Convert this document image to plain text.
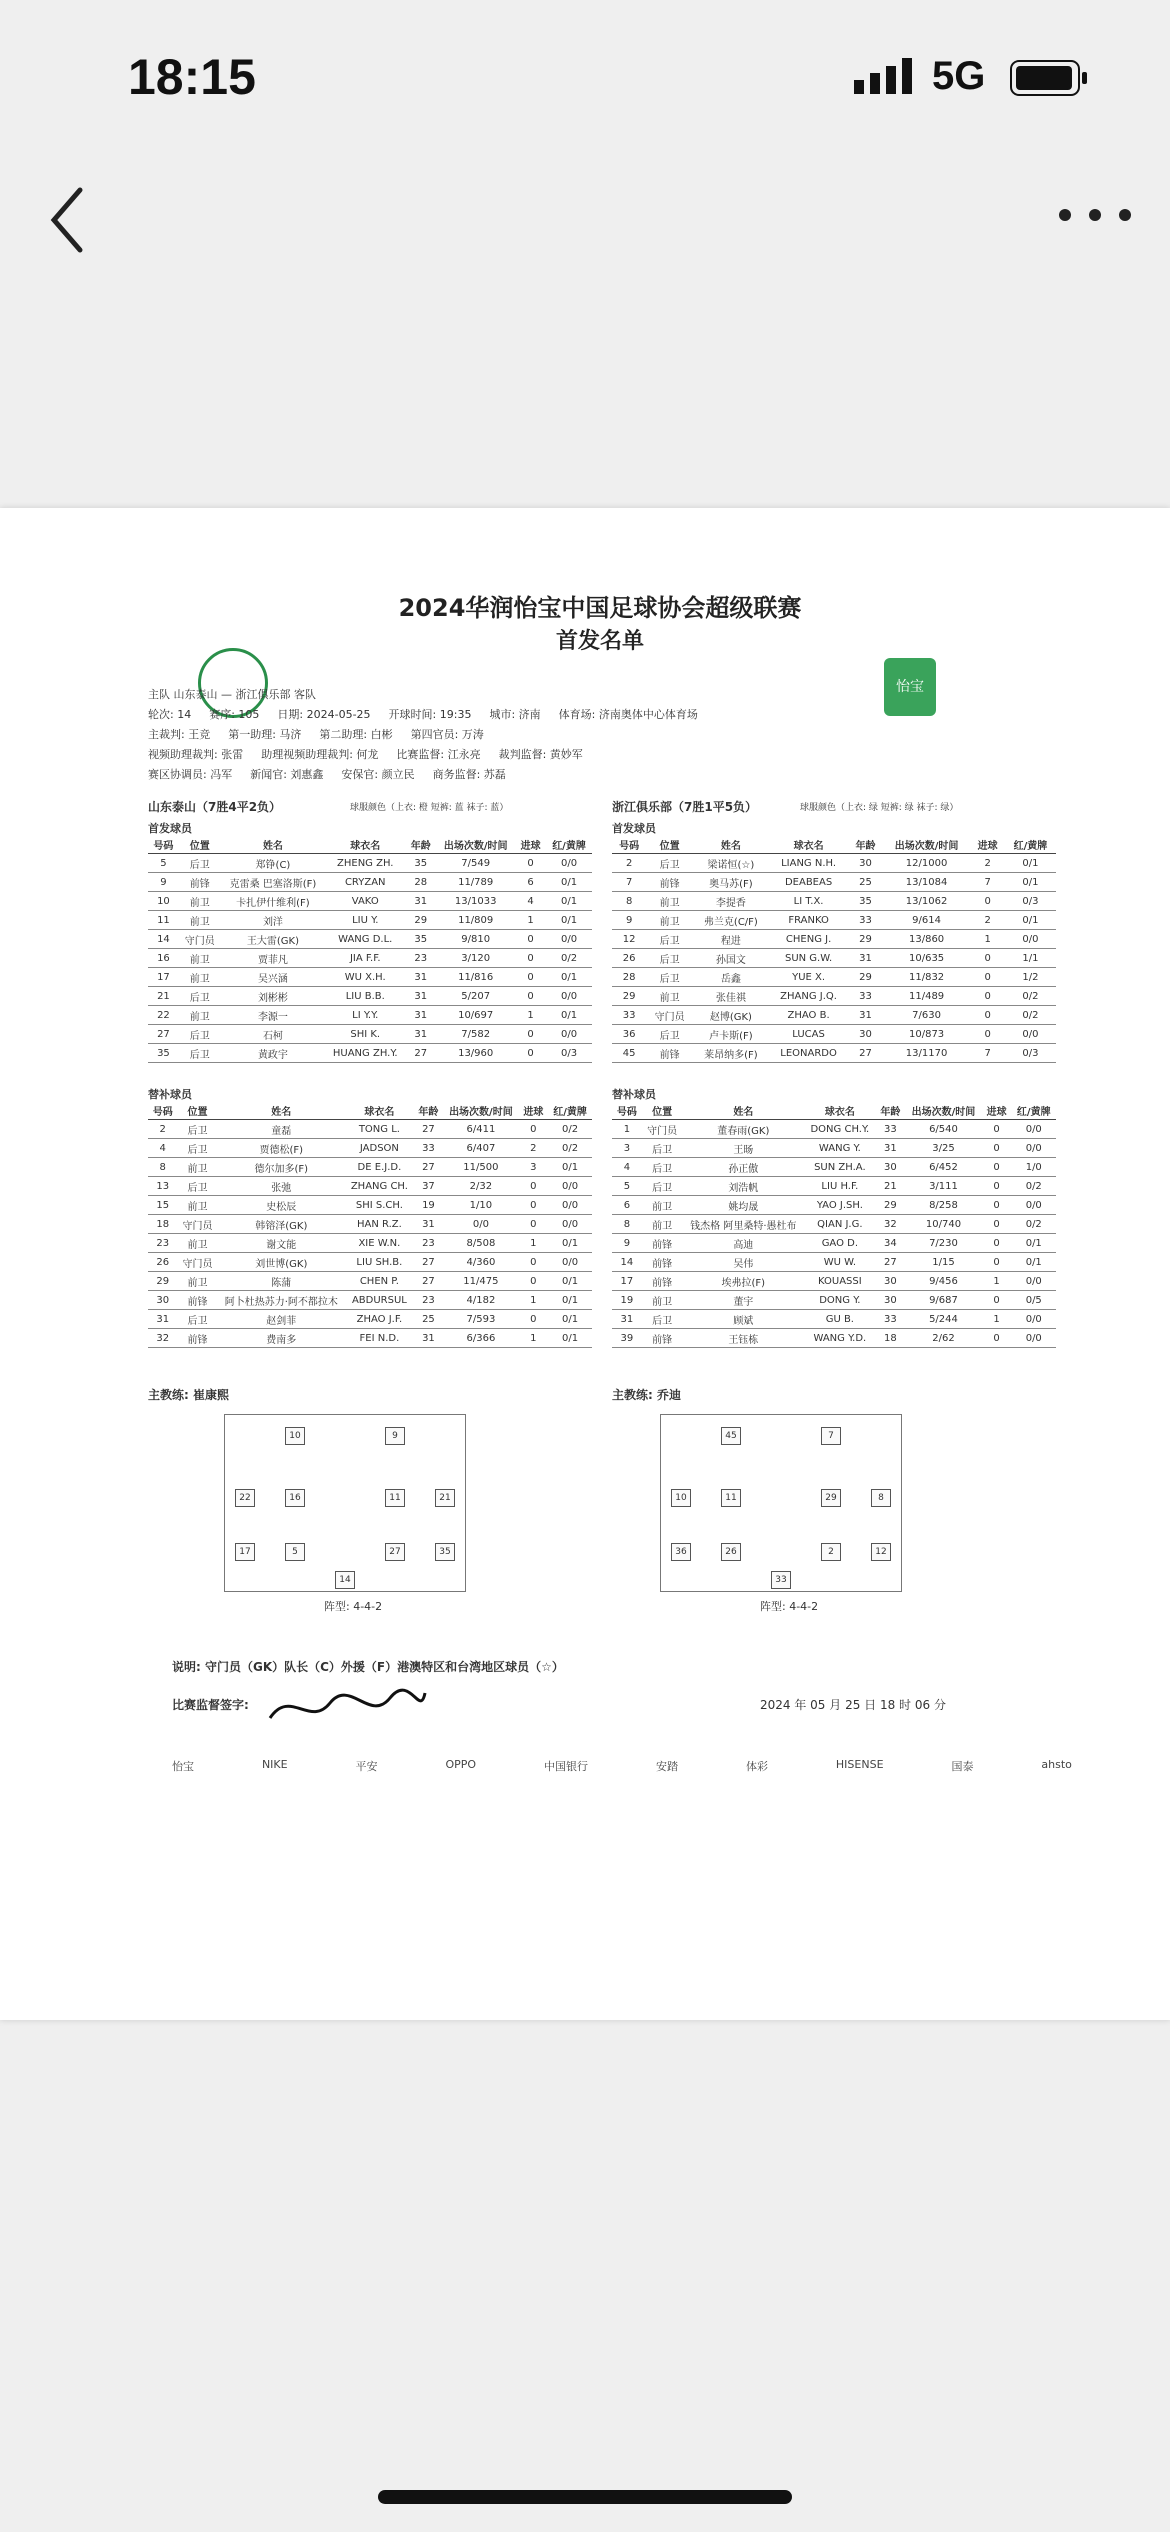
18:15	5G
怡宝
2024华润怡宝中国足球协会超级联赛
首发名单
主队 山东泰山 — 浙江俱乐部 客队
轮次: 14 赛序: 105 日期: 2024-05-25 开球时间: 19:35 城市: 济南 体育场: 济南奥体中心体育场
主裁判: 王竞 第一助理: 马济 第二助理: 白彬 第四官员: 万涛
视频助理裁判: 张雷 助理视频助理裁判: 何龙 比赛监督: 江永亮 裁判监督: 黄妙军
赛区协调员: 冯军 新闻官: 刘惠鑫 安保官: 颜立民 商务监督: 苏磊
山东泰山（7胜4平2负）	球服颜色（上衣: 橙 短裤: 蓝 袜子: 蓝）	浙江俱乐部（7胜1平5负）	球服颜色（上衣: 绿 短裤: 绿 袜子: 绿）
首发球员	首发球员
号码	位置	姓名	球衣名	年龄	出场次数/时间	进球	红/黄牌
5	后卫	郑铮(C)	ZHENG ZH.	35	7/549	0	0/0
9	前锋	克雷桑 巴塞洛斯(F)	CRYZAN	28	11/789	6	0/1
10	前卫	卡扎伊什维利(F)	VAKO	31	13/1033	4	0/1
11	前卫	刘洋	LIU Y.	29	11/809	1	0/1
14	守门员	王大雷(GK)	WANG D.L.	35	9/810	0	0/0
16	前卫	贾菲凡	JIA F.F.	23	3/120	0	0/2
17	前卫	吴兴涵	WU X.H.	31	11/816	0	0/1
21	后卫	刘彬彬	LIU B.B.	31	5/207	0	0/0
22	前卫	李源一	LI Y.Y.	31	10/697	1	0/1
27	后卫	石柯	SHI K.	31	7/582	0	0/0
35	后卫	黄政宇	HUANG ZH.Y.	27	13/960	0	0/3
号码	位置	姓名	球衣名	年龄	出场次数/时间	进球	红/黄牌
2	后卫	梁诺恒(☆)	LIANG N.H.	30	12/1000	2	0/1
7	前锋	奥马苏(F)	DEABEAS	25	13/1084	7	0/1
8	前卫	李提香	LI T.X.	35	13/1062	0	0/3
9	前卫	弗兰克(C/F)	FRANKO	33	9/614	2	0/1
12	后卫	程进	CHENG J.	29	13/860	1	0/0
26	后卫	孙国文	SUN G.W.	31	10/635	0	1/1
28	后卫	岳鑫	YUE X.	29	11/832	0	1/2
29	前卫	张佳祺	ZHANG J.Q.	33	11/489	0	0/2
33	守门员	赵博(GK)	ZHAO B.	31	7/630	0	0/2
36	后卫	卢卡斯(F)	LUCAS	30	10/873	0	0/0
45	前锋	莱昂纳多(F)	LEONARDO	27	13/1170	7	0/3
替补球员	替补球员
号码	位置	姓名	球衣名	年龄	出场次数/时间	进球	红/黄牌
2	后卫	童磊	TONG L.	27	6/411	0	0/2
4	后卫	贾德松(F)	JADSON	33	6/407	2	0/2
8	前卫	德尔加多(F)	DE E.J.D.	27	11/500	3	0/1
13	后卫	张弛	ZHANG CH.	37	2/32	0	0/0
15	前卫	史松辰	SHI S.CH.	19	1/10	0	0/0
18	守门员	韩镕泽(GK)	HAN R.Z.	31	0/0	0	0/0
23	前卫	谢文能	XIE W.N.	23	8/508	1	0/1
26	守门员	刘世博(GK)	LIU SH.B.	27	4/360	0	0/0
29	前卫	陈蒲	CHEN P.	27	11/475	0	0/1
30	前锋	阿卜杜热苏力·阿不都拉木	ABDURSUL	23	4/182	1	0/1
31	后卫	赵剑菲	ZHAO J.F.	25	7/593	0	0/1
32	前锋	费南多	FEI N.D.	31	6/366	1	0/1
号码	位置	姓名	球衣名	年龄	出场次数/时间	进球	红/黄牌
1	守门员	董春雨(GK)	DONG CH.Y.	33	6/540	0	0/0
3	后卫	王旸	WANG Y.	31	3/25	0	0/0
4	后卫	孙正傲	SUN ZH.A.	30	6/452	0	1/0
5	后卫	刘浩帆	LIU H.F.	21	3/111	0	0/2
6	前卫	姚均晟	YAO J.SH.	29	8/258	0	0/0
8	前卫	钱杰格 阿里桑特·愚杜布	QIAN J.G.	32	10/740	0	0/2
9	前锋	高迪	GAO D.	34	7/230	0	0/1
14	前锋	吴伟	WU W.	27	1/15	0	0/1
17	前锋	埃弗拉(F)	KOUASSI	30	9/456	1	0/0
19	前卫	董宇	DONG Y.	30	9/687	0	0/5
31	后卫	顾斌	GU B.	33	5/244	1	0/0
39	前锋	王钰栋	WANG Y.D.	18	2/62	0	0/0
主教练: 崔康熙	主教练: 乔迪
10	9
22	16	11	21
17	5	27	35
14
阵型: 4-4-2
45	7
10	11	29	8
36	26	2	12
33
阵型: 4-4-2
说明: 守门员（GK）队长（C）外援（F）港澳特区和台湾地区球员（☆）
比赛监督签字:	2024 年 05 月 25 日 18 时 06 分
怡宝	NIKE	平安	OPPO	中国银行	安踏	体彩	HISENSE	国泰	ahsto
